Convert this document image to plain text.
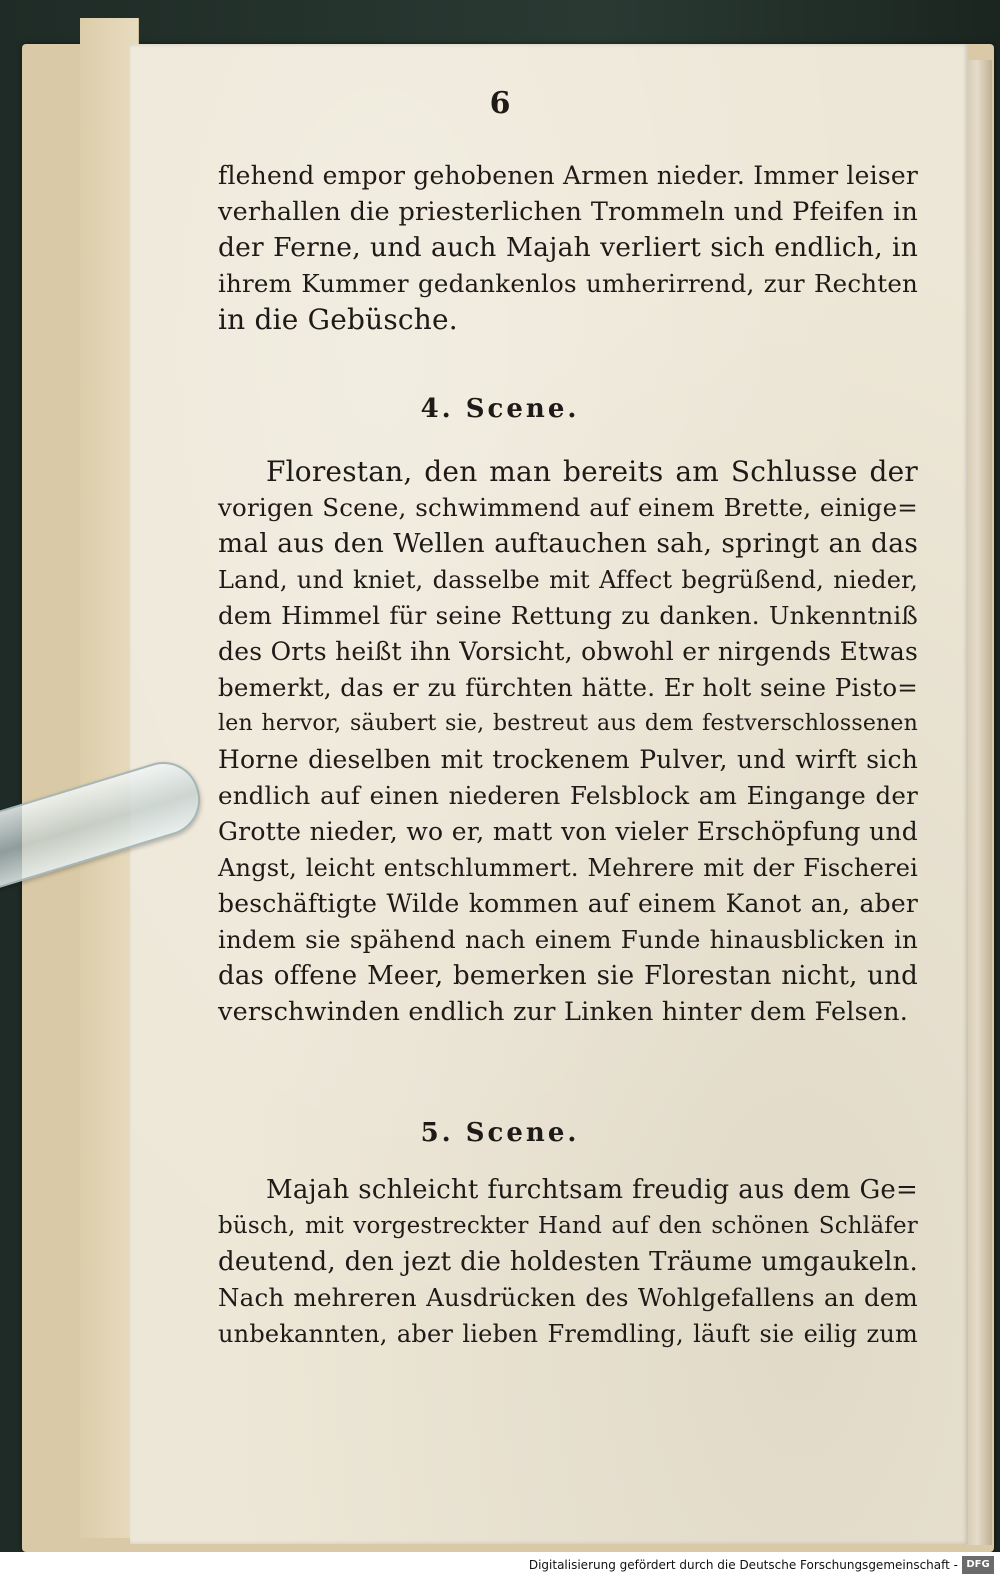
6
flehend empor gehobenen Armen nieder. Immer leiser
verhallen die priesterlichen Trommeln und Pfeifen in
der Ferne, und auch Majah verliert sich endlich, in
ihrem Kummer gedankenlos umherirrend, zur Rechten
in die Gebüsche.
4. Scene.
Florestan, den man bereits am Schlusse der
vorigen Scene, schwimmend auf einem Brette, einige=
mal aus den Wellen auftauchen sah, springt an das
Land, und kniet, dasselbe mit Affect begrüßend, nieder,
dem Himmel für seine Rettung zu danken. Unkenntniß
des Orts heißt ihn Vorsicht, obwohl er nirgends Etwas
bemerkt, das er zu fürchten hätte. Er holt seine Pisto=
len hervor, säubert sie, bestreut aus dem festverschlossenen
Horne dieselben mit trockenem Pulver, und wirft sich
endlich auf einen niederen Felsblock am Eingange der
Grotte nieder, wo er, matt von vieler Erschöpfung und
Angst, leicht entschlummert. Mehrere mit der Fischerei
beschäftigte Wilde kommen auf einem Kanot an, aber
indem sie spähend nach einem Funde hinausblicken in
das offene Meer, bemerken sie Florestan nicht, und
verschwinden endlich zur Linken hinter dem Felsen.
5. Scene.
Majah schleicht furchtsam freudig aus dem Ge=
büsch, mit vorgestreckter Hand auf den schönen Schläfer
deutend, den jezt die holdesten Träume umgaukeln.
Nach mehreren Ausdrücken des Wohlgefallens an dem
unbekannten, aber lieben Fremdling, läuft sie eilig zum
Digitalisierung gefördert durch die Deutsche Forschungsgemeinschaft - DFG
